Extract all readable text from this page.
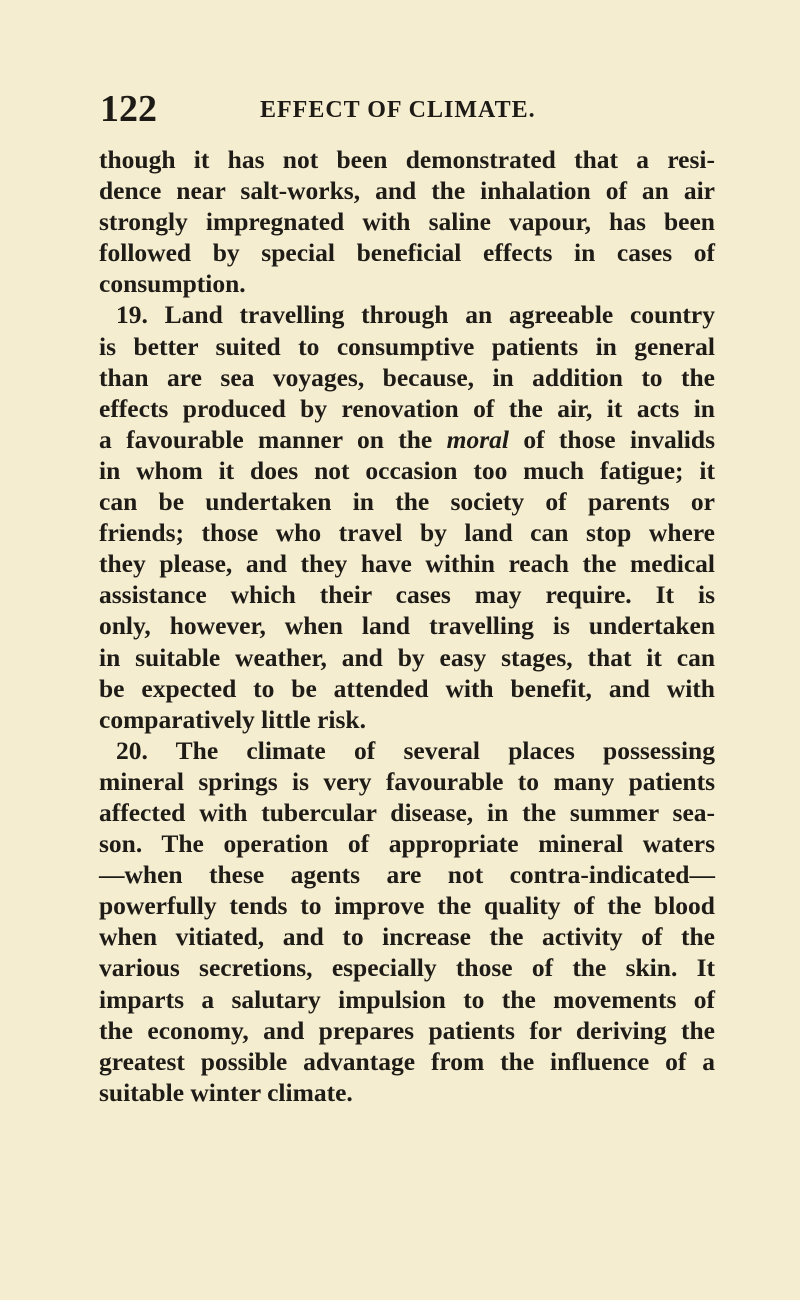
122	EFFECT OF CLIMATE.
though it has not been demonstrated that a resi-
dence near salt-works, and the inhalation of an air
strongly impregnated with saline vapour, has been
followed by special beneficial effects in cases of
consumption.
19. Land travelling through an agreeable country
is better suited to consumptive patients in general
than are sea voyages, because, in addition to the
effects produced by renovation of the air, it acts in
a favourable manner on the moral of those invalids
in whom it does not occasion too much fatigue; it
can be undertaken in the society of parents or
friends; those who travel by land can stop where
they please, and they have within reach the medical
assistance which their cases may require. It is
only, however, when land travelling is undertaken
in suitable weather, and by easy stages, that it can
be expected to be attended with benefit, and with
comparatively little risk.
20. The climate of several places possessing
mineral springs is very favourable to many patients
affected with tubercular disease, in the summer sea-
son. The operation of appropriate mineral waters
—when these agents are not contra-indicated—
powerfully tends to improve the quality of the blood
when vitiated, and to increase the activity of the
various secretions, especially those of the skin. It
imparts a salutary impulsion to the movements of
the economy, and prepares patients for deriving the
greatest possible advantage from the influence of a
suitable winter climate.
